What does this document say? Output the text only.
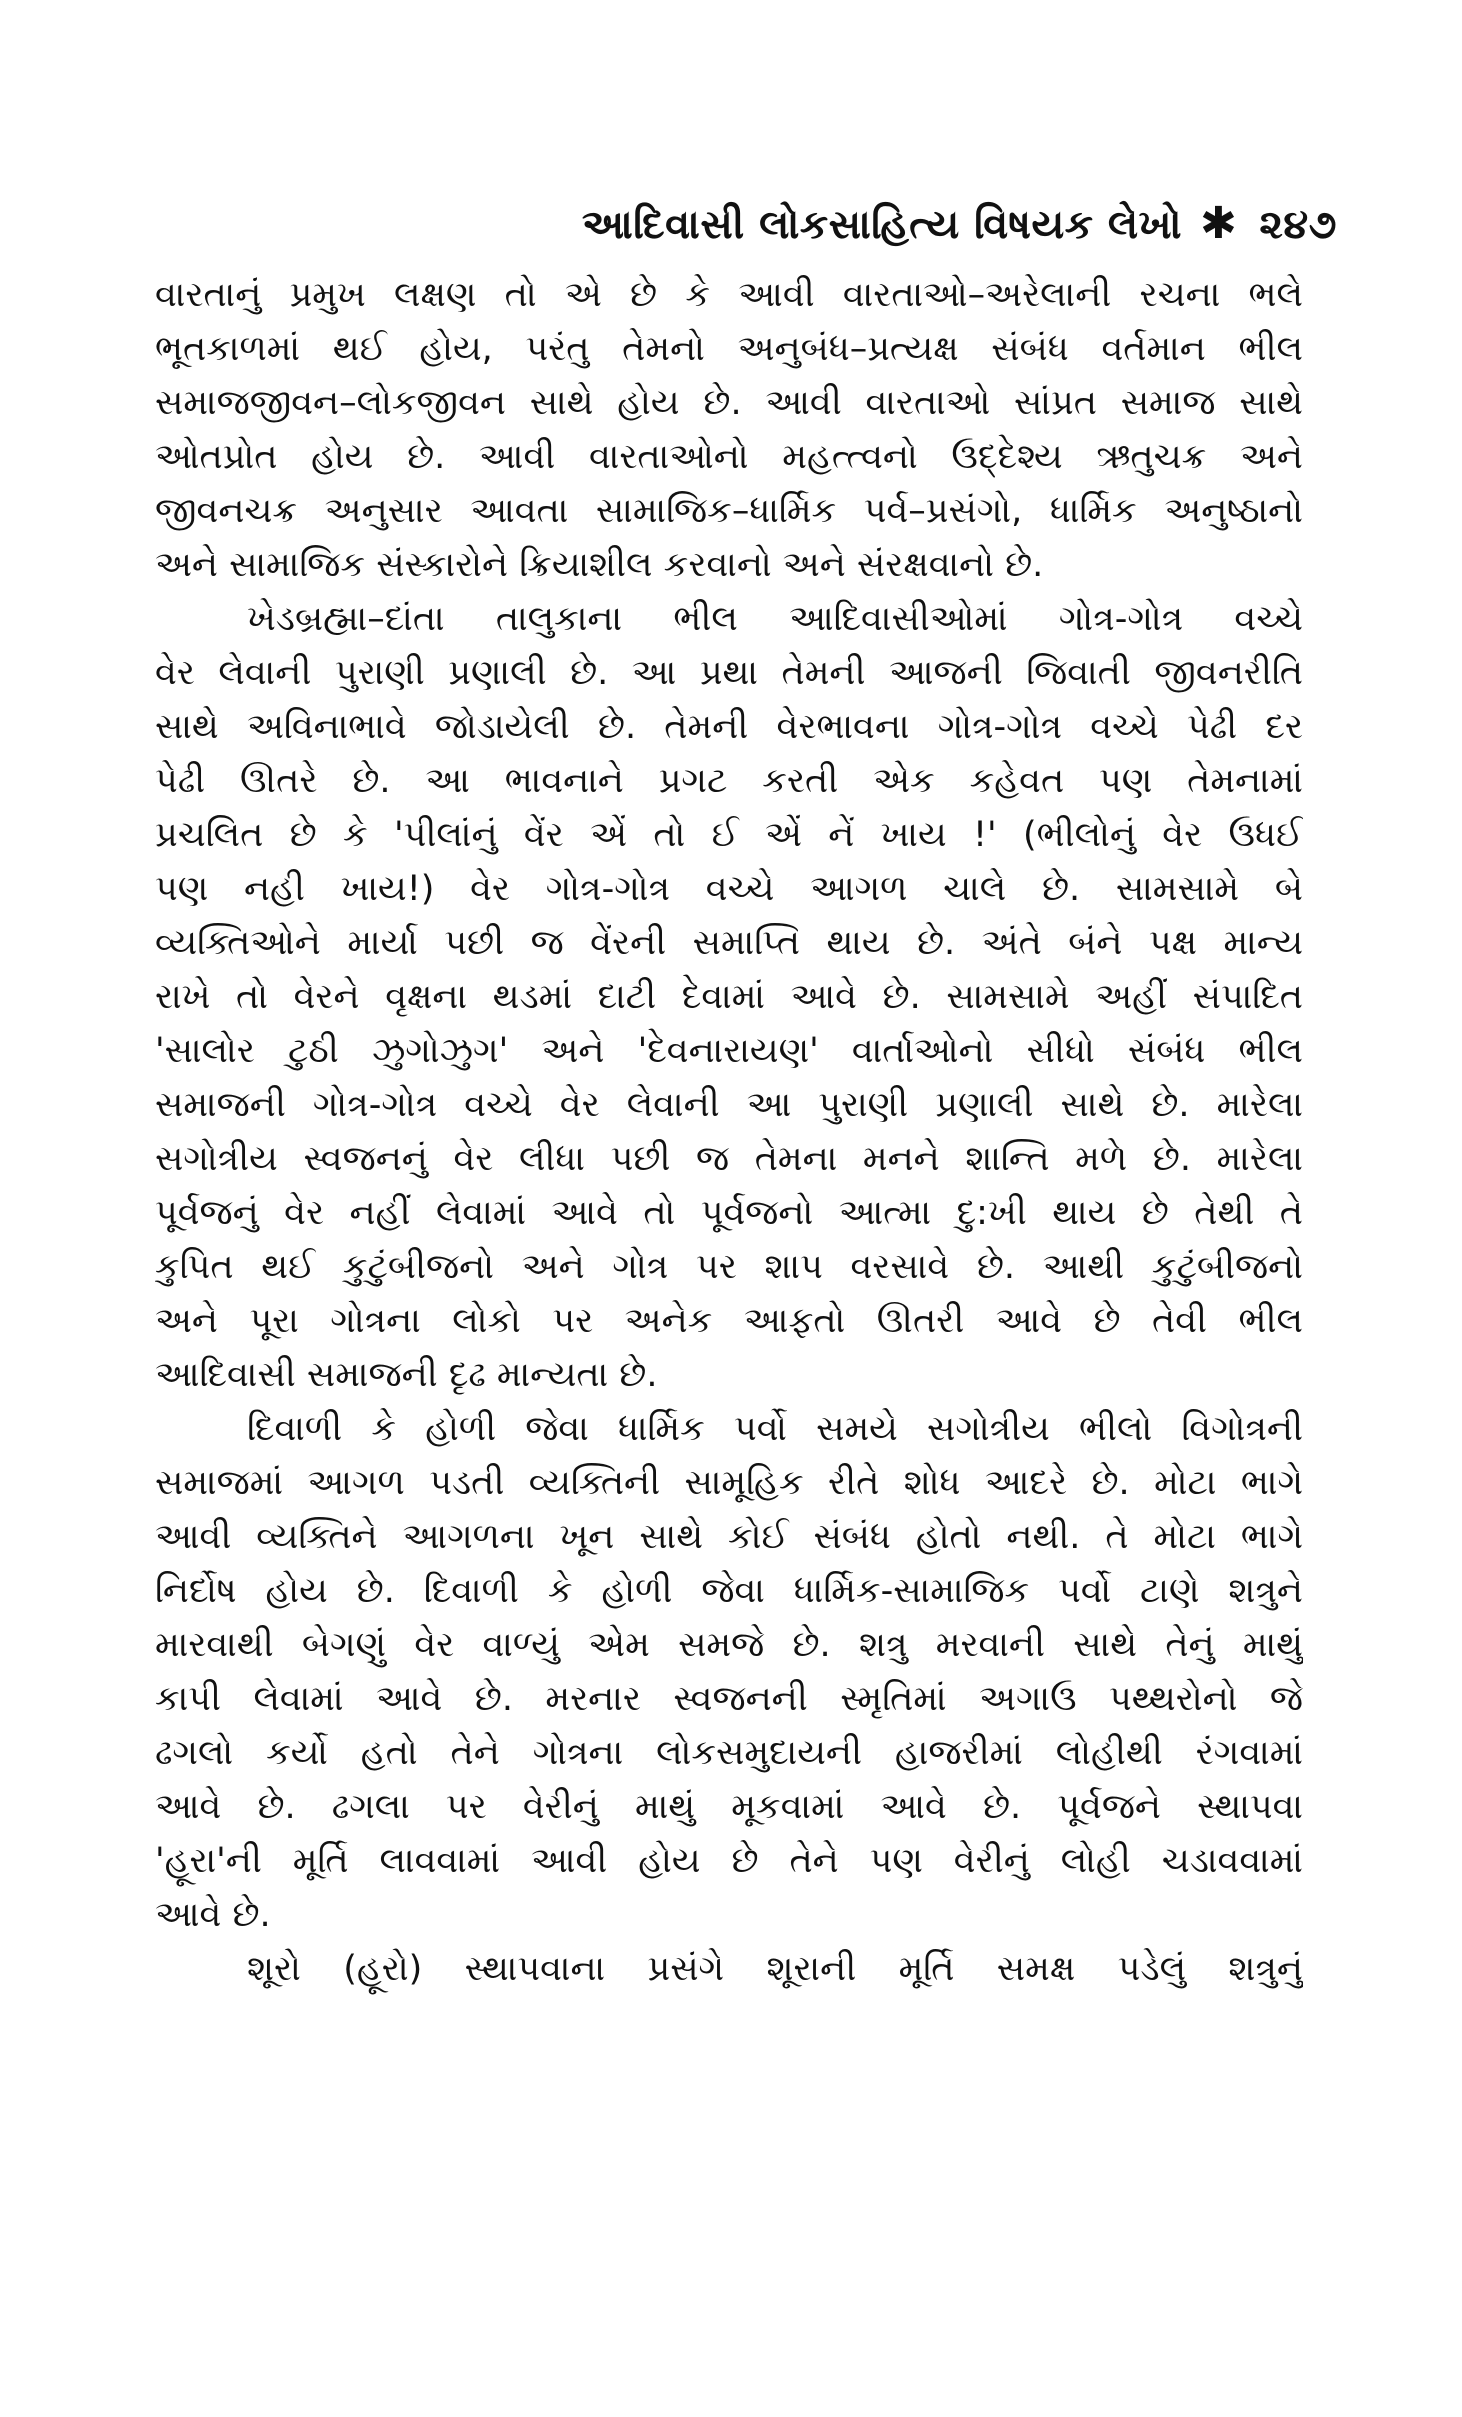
આદિવાસી લોકસાહિત્ય વિષયક લેખો ✱ ૨૪૭
વારતાનું પ્રમુખ લક્ષણ તો એ છે કે આવી વારતાઓ–અરેલાની રચના ભલે
ભૂતકાળમાં થઈ હોય, પરંતુ તેમનો અનુબંધ–પ્રત્યક્ષ સંબંધ વર્તમાન ભીલ
સમાજજીવન–લોકજીવન સાથે હોય છે. આવી વારતાઓ સાંપ્રત સમાજ સાથે
ઓતપ્રોત હોય છે. આવી વારતાઓનો મહત્ત્વનો ઉદ્દેશ્ય ઋતુચક્ર અને
જીવનચક્ર અનુસાર આવતા સામાજિક–ધાર્મિક પર્વ–પ્રસંગો, ધાર્મિક અનુષ્ઠાનો
અને સામાજિક સંસ્કારોને ક્રિયાશીલ કરવાનો અને સંરક્ષવાનો છે.
ખેડબ્રહ્મા–દાંતા તાલુકાના ભીલ આદિવાસીઓમાં ગોત્ર-ગોત્ર વચ્ચે
વેર લેવાની પુરાણી પ્રણાલી છે. આ પ્રથા તેમની આજની જિવાતી જીવનરીતિ
સાથે અવિનાભાવે જોડાયેલી છે. તેમની વેરભાવના ગોત્ર-ગોત્ર વચ્ચે પેઢી દર
પેઢી ઊતરે છે. આ ભાવનાને પ્રગટ કરતી એક કહેવત પણ તેમનામાં
પ્રચલિત છે કે 'પીલાંનું વેંર એં તો ઈ એં નેં ખાય !' (ભીલોનું વેર ઉધઈ
પણ નહી ખાય!) વેર ગોત્ર-ગોત્ર વચ્ચે આગળ ચાલે છે. સામસામે બે
વ્યક્તિઓને માર્યા પછી જ વેંરની સમાપ્તિ થાય છે. અંતે બંને પક્ષ માન્ય
રાખે તો વેરને વૃક્ષના થડમાં દાટી દેવામાં આવે છે. સામસામે અહીં સંપાદિત
'સાલોર ટુઠી ઝુગોઝુગ' અને 'દેવનારાયણ' વાર્તાઓનો સીધો સંબંધ ભીલ
સમાજની ગોત્ર-ગોત્ર વચ્ચે વેર લેવાની આ પુરાણી પ્રણાલી સાથે છે. મારેલા
સગોત્રીય સ્વજનનું વેર લીધા પછી જ તેમના મનને શાન્તિ મળે છે. મારેલા
પૂર્વજનું વેર નહીં લેવામાં આવે તો પૂર્વજનો આત્મા દુ:ખી થાય છે તેથી તે
કુપિત થઈ કુટુંબીજનો અને ગોત્ર પર શાપ વરસાવે છે. આથી કુટુંબીજનો
અને પૂરા ગોત્રના લોકો પર અનેક આફતો ઊતરી આવે છે તેવી ભીલ
આદિવાસી સમાજની દૃઢ માન્યતા છે.
દિવાળી કે હોળી જેવા ધાર્મિક પર્વો સમયે સગોત્રીય ભીલો વિગોત્રની
સમાજમાં આગળ પડતી વ્યક્તિની સામૂહિક રીતે શોધ આદરે છે. મોટા ભાગે
આવી વ્યક્તિને આગળના ખૂન સાથે કોઈ સંબંધ હોતો નથી. તે મોટા ભાગે
નિર્દોષ હોય છે. દિવાળી કે હોળી જેવા ધાર્મિક-સામાજિક પર્વો ટાણે શત્રુને
મારવાથી બેગણું વેર વાળ્યું એમ સમજે છે. શત્રુ મરવાની સાથે તેનું માથું
કાપી લેવામાં આવે છે. મરનાર સ્વજનની સ્મૃતિમાં અગાઉ પથ્થરોનો જે
ઢગલો કર્યો હતો તેને ગોત્રના લોકસમુદાયની હાજરીમાં લોહીથી રંગવામાં
આવે છે. ઢગલા પર વેરીનું માથું મૂકવામાં આવે છે. પૂર્વજને સ્થાપવા
'હૂરા'ની મૂર્તિ લાવવામાં આવી હોય છે તેને પણ વેરીનું લોહી ચડાવવામાં
આવે છે.
શૂરો (હૂરો) સ્થાપવાના પ્રસંગે શૂરાની મૂર્તિ સમક્ષ પડેલું શત્રુનું
